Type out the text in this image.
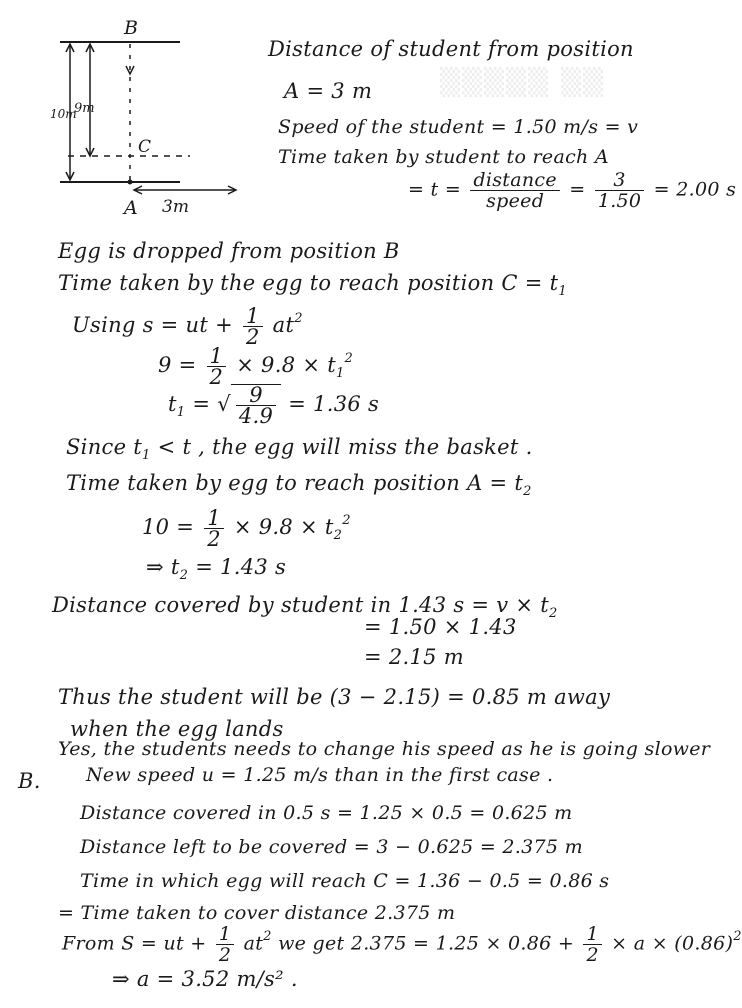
▒▒▒▒▒ ▒▒
B
C
A
10m
9m
3m
Distance of student from position
A = 3 m
Speed of the student = 1.50 m/s = v
Time taken by student to reach A
= $t = \frac{\text{distance}}{\text{speed}} = \frac{3}{1.50} = 2.00$ s
Egg is dropped from position B
Time taken by the egg to reach position $C = t_1$
Using s = ut + $\frac{1}{2} at^2$
$9 = \frac{1}{2} \times 9.8 \times t_1^2$
$t_1$ = √ $\frac{9}{4.9} = 1.36$ s
Since $t_1 < t$ , the egg will miss the basket .
Time taken by egg to reach position $A = t_2$
$10 = \frac{1}{2} \times 9.8 \times t_2^2$
⇒ $t_2 = 1.43$ s
Distance covered by student in 1.43 $s = v \times t_2$
= 1.50 × 1.43
= 2.15 m
Thus the student will be (3 − 2.15) = 0.85 m away
when the egg lands
Yes, the students needs to change his speed as he is going slower
B. New speed u = 1.25 m/s than in the first case .
Distance covered in 0.5 s = 1.25 × 0.5 = 0.625 m
Distance left to be covered = 3 − 0.625 = 2.375 m
Time in which egg will reach C = 1.36 − 0.5 = 0.86 s
= Time taken to cover distance 2.375 m
From S = ut + $\frac{1}{2} at^2$ we get $2.375 = 1.25 \times 0.86 + \frac{1}{2} \times a \times (0.86)^2$
⇒ a = 3.52 m/s² .
